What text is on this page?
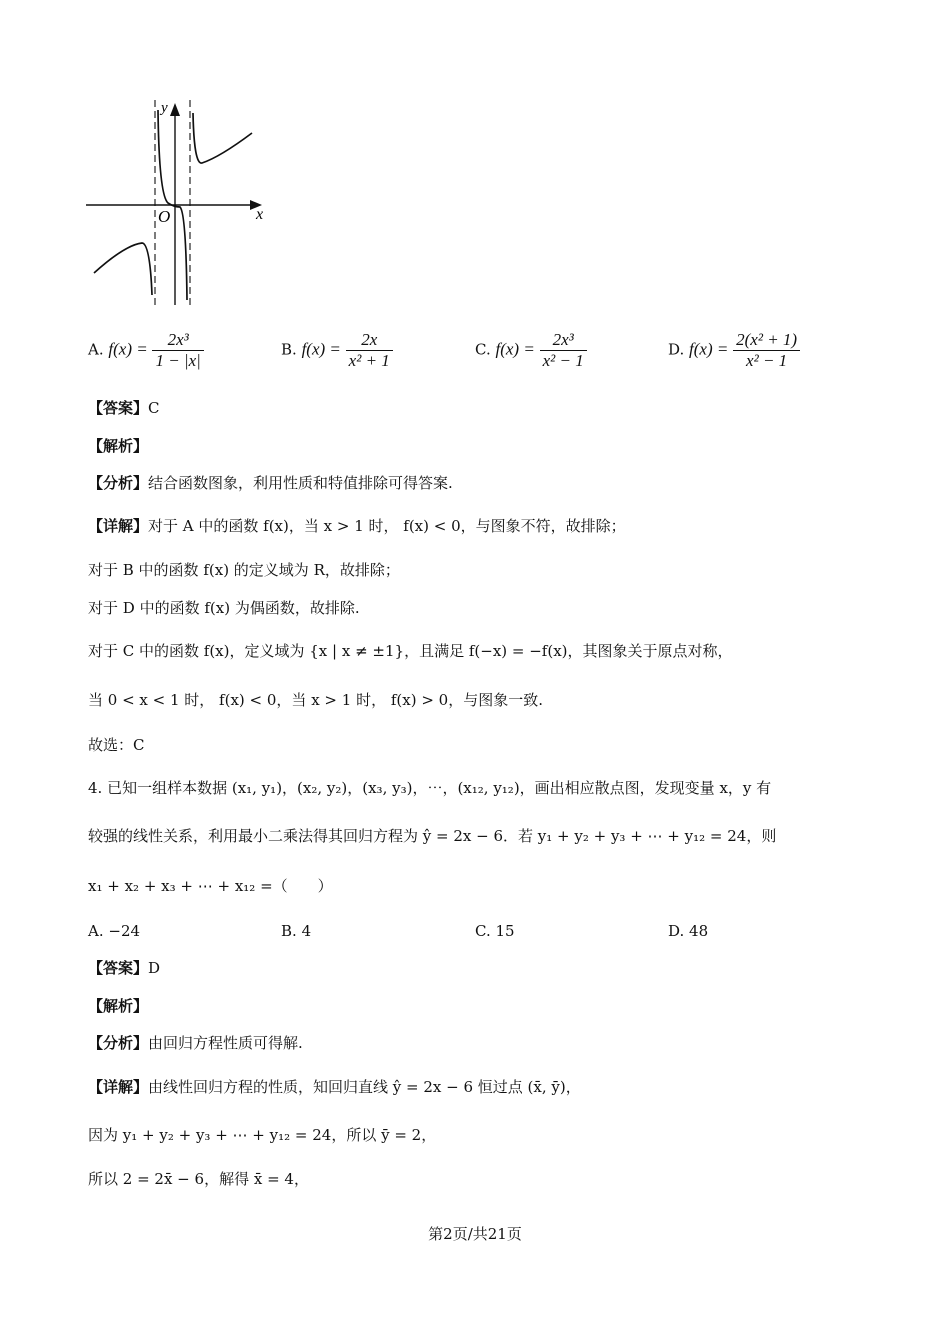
y
x
O
A. $f(x) = \frac{\text{2x³}}{1 - |x|}$	B. $f(x) = \frac{2x}{\text{x² + 1}}$	C. $f(x) = \frac{\text{2x³}}{\text{x² − 1}}$	D. $f(x) = \frac{\text{2(x² + 1)}}{\text{x² − 1}}$
【答案】C
【解析】
【分析】结合函数图象，利用性质和特值排除可得答案.
【详解】对于 A 中的函数 f(x)，当 x > 1 时， f(x) < 0，与图象不符，故排除；
对于 B 中的函数 f(x) 的定义域为 R，故排除；
对于 D 中的函数 f(x) 为偶函数，故排除.
对于 C 中的函数 f(x)，定义域为 {x | x ≠ ±1}，且满足 f(−x) = −f(x)，其图象关于原点对称，
当 0 < x < 1 时， f(x) < 0，当 x > 1 时， f(x) > 0，与图象一致.
故选：C
4. 已知一组样本数据 (x₁, y₁)，(x₂, y₂)，(x₃, y₃)，⋯，(x₁₂, y₁₂)，画出相应散点图，发现变量 x，y 有
较强的线性关系，利用最小二乘法得其回归方程为 ŷ = 2x − 6．若 y₁ + y₂ + y₃ + ⋯ + y₁₂ = 24，则
x₁ + x₂ + x₃ + ⋯ + x₁₂ =（　　）
A. −24	B. 4	C. 15	D. 48
【答案】D
【解析】
【分析】由回归方程性质可得解.
【详解】由线性回归方程的性质，知回归直线 ŷ = 2x − 6 恒过点 (x̄, ȳ)，
因为 y₁ + y₂ + y₃ + ⋯ + y₁₂ = 24，所以 ȳ = 2，
所以 2 = 2x̄ − 6，解得 x̄ = 4，
第2页/共21页
